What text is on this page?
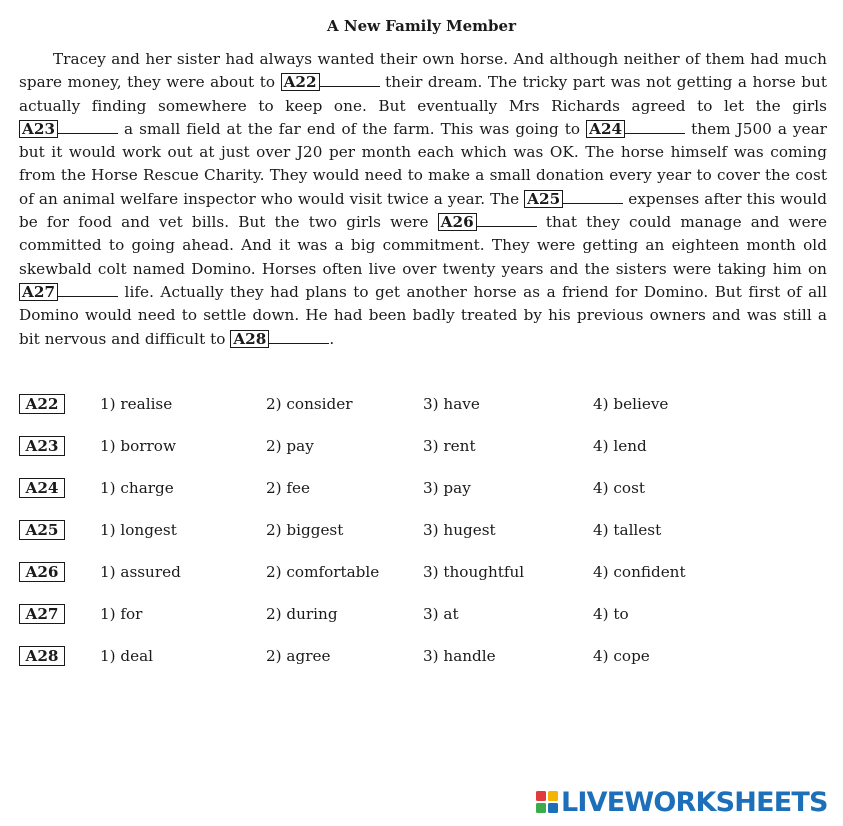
A New Family Member

Tracey and her sister had always wanted their own horse. And although neither of them had much spare money, they were about to A22	their dream. The tricky part was not getting a horse but actually finding somewhere to keep one. But eventually Mrs Richards agreed to let the girls A23	a small field at the far end of the farm. This was going to A24	them J500 a year but it would work out at just over J20 per month each which was OK. The horse himself was coming from the Horse Rescue Charity. They would need to make a small donation every year to cover the cost of an animal welfare inspector who would visit twice a year. The A25	expenses after this would be for food and vet bills. But the two girls were A26	that they could manage and were committed to going ahead. And it was a big commitment. They were getting an eighteen month old skewbald colt named Domino. Horses often live over twenty years and the sisters were taking him on A27	life. Actually they had plans to get another horse as a friend for Domino. But first of all Domino would need to settle down. He had been badly treated by his previous owners and was still a bit nervous and difficult to A28	.

A22	1) realise	2) consider	3) have	4) believe
A23	1) borrow	2) pay	3) rent	4) lend
A24	1) charge	2) fee	3) pay	4) cost
A25	1) longest	2) biggest	3) hugest	4) tallest
A26	1) assured	2) comfortable	3) thoughtful	4) confident
A27	1) for	2) during	3) at	4) to
A28	1) deal	2) agree	3) handle	4) cope
LIVEWORKSHEETS
